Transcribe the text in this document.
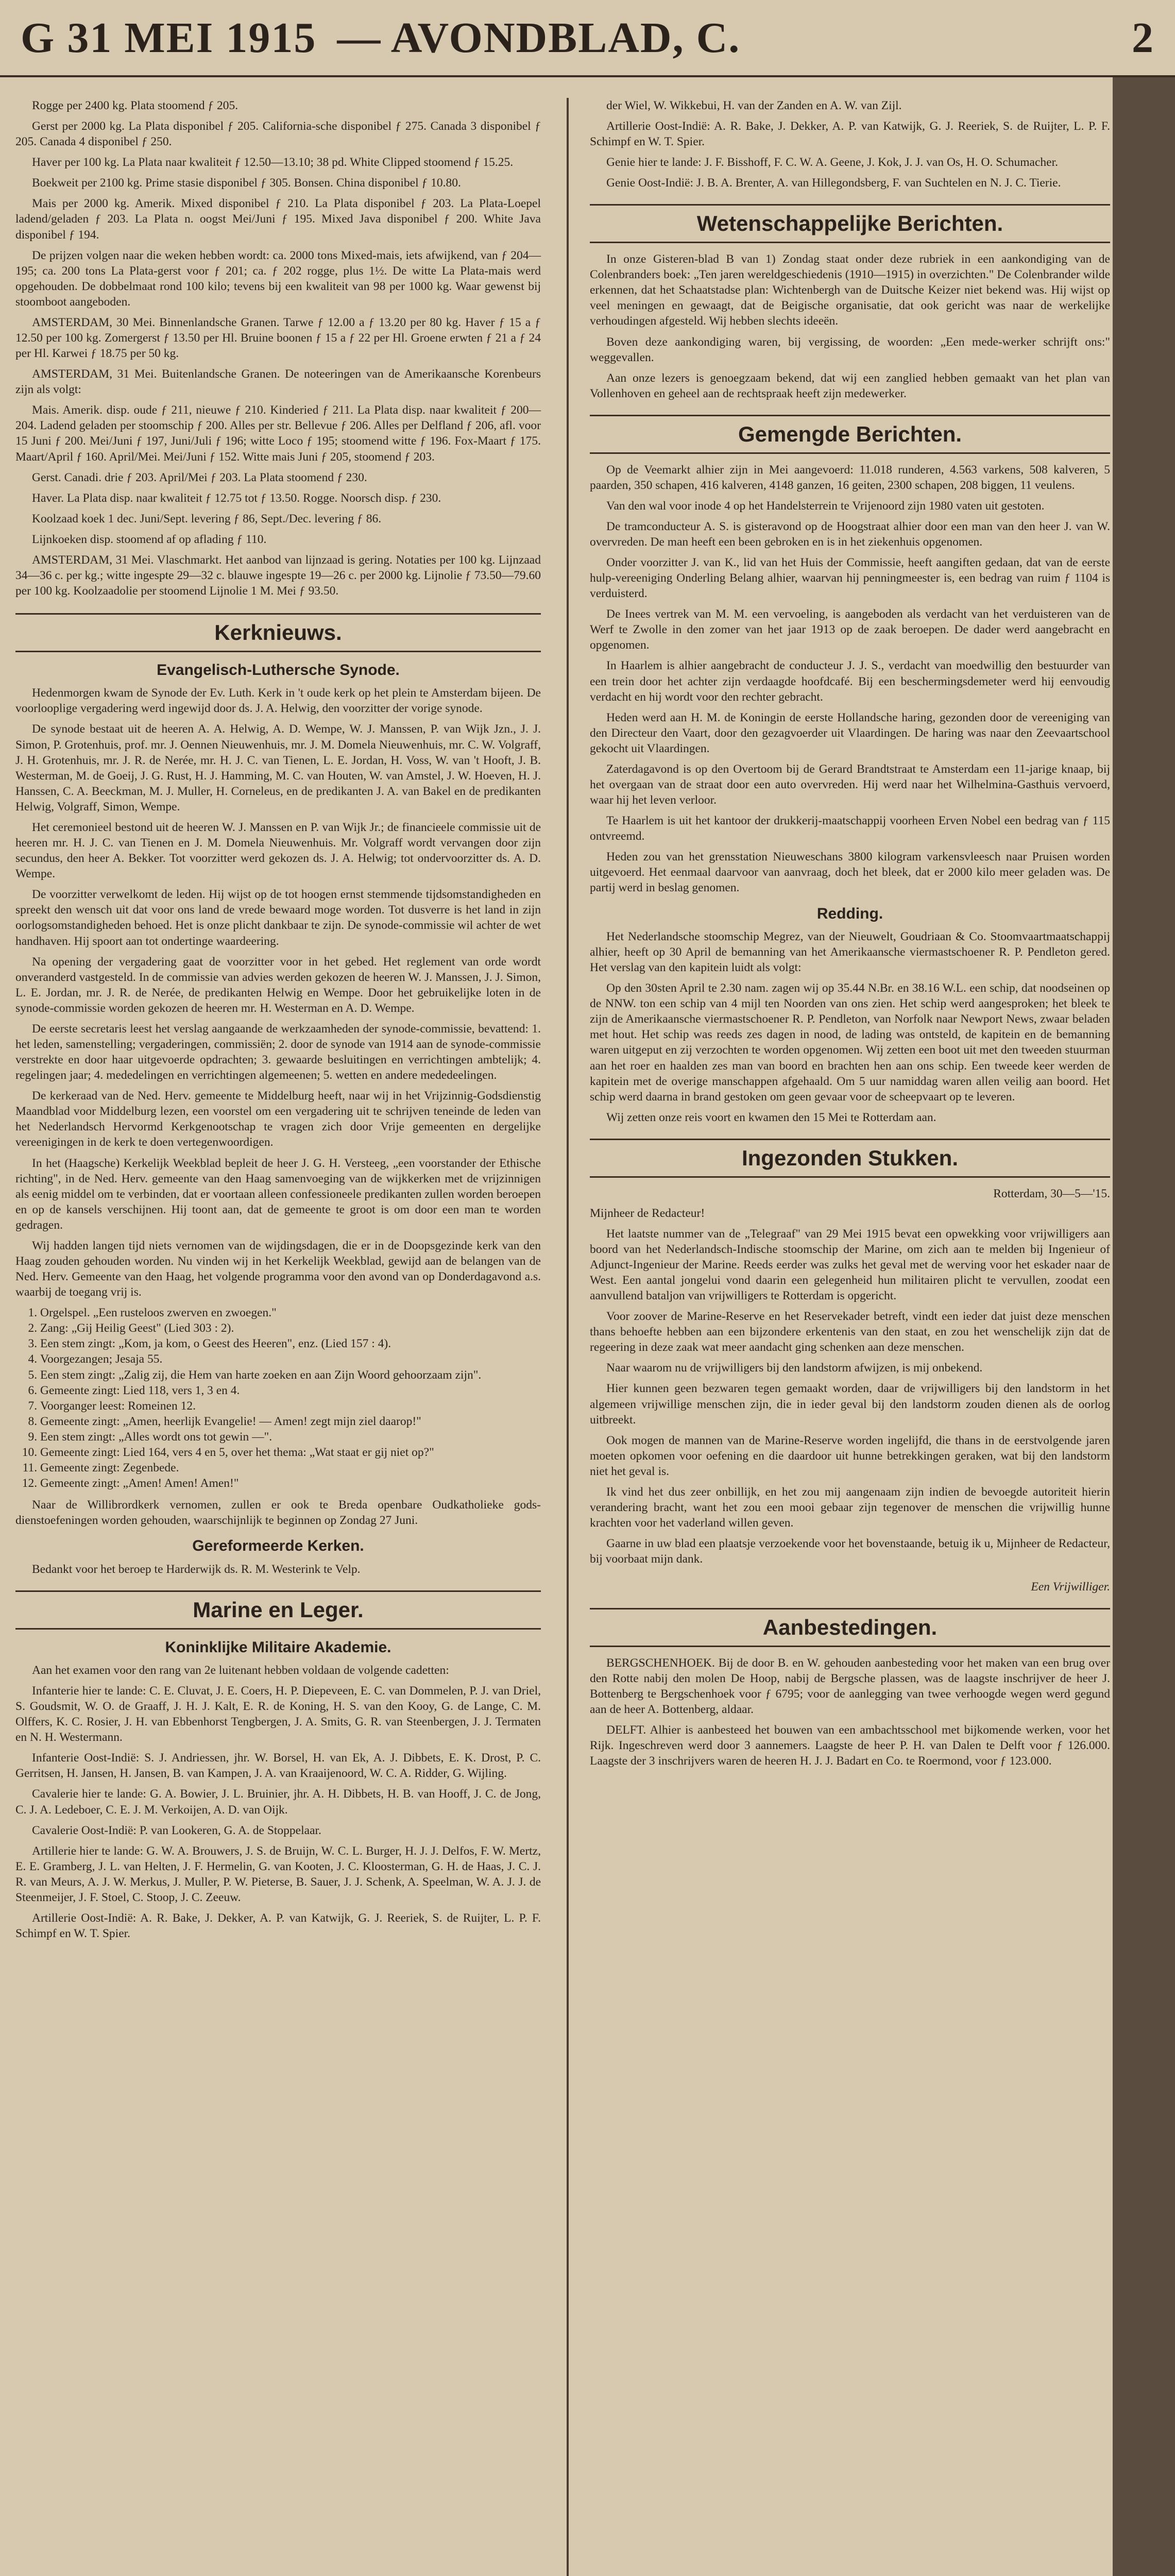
G 31 MEI 1915 — AVONDBLAD, C.	2

Rogge per 2400 kg. Plata stoomend ƒ 205.

Gerst per 2000 kg. La Plata disponibel ƒ 205. California-sche disponibel ƒ 275. Canada 3 disponibel ƒ 205. Canada 4 disponibel ƒ 250.

Haver per 100 kg. La Plata naar kwaliteit ƒ 12.50—13.10; 38 pd. White Clipped stoomend ƒ 15.25.

Boekweit per 2100 kg. Prime stasie disponibel ƒ 305. Bonsen. China disponibel ƒ 10.80.

Mais per 2000 kg. Amerik. Mixed disponibel ƒ 210. La Plata disponibel ƒ 203. La Plata-Loepel ladend/geladen ƒ 203. La Plata n. oogst Mei/Juni ƒ 195. Mixed Java disponibel ƒ 200. White Java disponibel ƒ 194.

De prijzen volgen naar die weken hebben wordt: ca. 2000 tons Mixed-mais, iets afwijkend, van ƒ 204—195; ca. 200 tons La Plata-gerst voor ƒ 201; ca. ƒ 202 rogge, plus 1½. De witte La Plata-mais werd opgehouden. De dobbelmaat rond 100 kilo; tevens bij een kwaliteit van 98 per 1000 kg. Waar gewenst bij stoomboot aangeboden.

AMSTERDAM, 30 Mei. Binnenlandsche Granen. Tarwe ƒ 12.00 a ƒ 13.20 per 80 kg. Haver ƒ 15 a ƒ 12.50 per 100 kg. Zomergerst ƒ 13.50 per Hl. Bruine boonen ƒ 15 a ƒ 22 per Hl. Groene erwten ƒ 21 a ƒ 24 per Hl. Karwei ƒ 18.75 per 50 kg.

AMSTERDAM, 31 Mei. Buitenlandsche Granen. De noteeringen van de Amerikaansche Korenbeurs zijn als volgt:

Mais. Amerik. disp. oude ƒ 211, nieuwe ƒ 210. Kinderied ƒ 211. La Plata disp. naar kwaliteit ƒ 200—204. Ladend geladen per stoomschip ƒ 200. Alles per str. Bellevue ƒ 206. Alles per Delfland ƒ 206, afl. voor 15 Juni ƒ 200. Mei/Juni ƒ 197, Juni/Juli ƒ 196; witte Loco ƒ 195; stoomend witte ƒ 196. Fox-Maart ƒ 175. Maart/April ƒ 160. April/Mei. Mei/Juni ƒ 152. Witte mais Juni ƒ 205, stoomend ƒ 203.

Gerst. Canadi. drie ƒ 203. April/Mei ƒ 203. La Plata stoomend ƒ 230.

Haver. La Plata disp. naar kwaliteit ƒ 12.75 tot ƒ 13.50. Rogge. Noorsch disp. ƒ 230.

Koolzaad koek 1 dec. Juni/Sept. levering ƒ 86, Sept./Dec. levering ƒ 86.

Lijnkoeken disp. stoomend af op aflading ƒ 110.

AMSTERDAM, 31 Mei. Vlaschmarkt. Het aanbod van lijnzaad is gering. Notaties per 100 kg. Lijnzaad 34—36 c. per kg.; witte ingespte 29—32 c. blauwe ingespte 19—26 c. per 2000 kg. Lijnolie ƒ 73.50—79.60 per 100 kg. Koolzaadolie per stoomend Lijnolie 1 M. Mei ƒ 93.50.

Kerknieuws.
Evangelisch-Luthersche Synode.

Hedenmorgen kwam de Synode der Ev. Luth. Kerk in 't oude kerk op het plein te Amsterdam bijeen. De voorlooplige vergadering werd ingewijd door ds. J. A. Helwig, den voorzitter der vorige synode.

De synode bestaat uit de heeren A. A. Helwig, A. D. Wempe, W. J. Manssen, P. van Wijk Jzn., J. J. Simon, P. Grotenhuis, prof. mr. J. Oennen Nieuwenhuis, mr. J. M. Domela Nieuwenhuis, mr. C. W. Volgraff, J. H. Grotenhuis, mr. J. R. de Nerée, mr. H. J. C. van Tienen, L. E. Jordan, H. Voss, W. van 't Hooft, J. B. Westerman, M. de Goeij, J. G. Rust, H. J. Hamming, M. C. van Houten, W. van Amstel, J. W. Hoeven, H. J. Hanssen, C. A. Beeckman, M. J. Muller, H. Corneleus, en de predikanten J. A. van Bakel en de predikanten Helwig, Volgraff, Simon, Wempe.

Het ceremonieel bestond uit de heeren W. J. Manssen en P. van Wijk Jr.; de financieele commissie uit de heeren mr. H. J. C. van Tienen en J. M. Domela Nieuwenhuis. Mr. Volgraff wordt vervangen door zijn secundus, den heer A. Bekker. Tot voorzitter werd gekozen ds. J. A. Helwig; tot ondervoorzitter ds. A. D. Wempe.

De voorzitter verwelkomt de leden. Hij wijst op de tot hoogen ernst stemmende tijdsomstandigheden en spreekt den wensch uit dat voor ons land de vrede bewaard moge worden. Tot dusverre is het land in zijn oorlogsomstandigheden behoed. Het is onze plicht dankbaar te zijn. De synode-commissie wil achter de wet handhaven. Hij spoort aan tot ondertinge waardeering.

Na opening der vergadering gaat de voorzitter voor in het gebed. Het reglement van orde wordt onveranderd vastgesteld. In de commissie van advies werden gekozen de heeren W. J. Manssen, J. J. Simon, L. E. Jordan, mr. J. R. de Nerée, de predikanten Helwig en Wempe. Door het gebruikelijke loten in de synode-commissie worden gekozen de heeren mr. H. Westerman en A. D. Wempe.

De eerste secretaris leest het verslag aangaande de werkzaamheden der synode-commissie, bevattend: 1. het leden, samenstelling; vergaderingen, commissiën; 2. door de synode van 1914 aan de synode-commissie verstrekte en door haar uitgevoerde opdrachten; 3. gewaarde besluitingen en verrichtingen ambtelijk; 4. regelingen jaar; 4. mededelingen en verrichtingen algemeenen; 5. wetten en andere mededeelingen.

De kerkeraad van de Ned. Herv. gemeente te Middelburg heeft, naar wij in het Vrijzinnig-Godsdienstig Maandblad voor Middelburg lezen, een voorstel om een vergadering uit te schrijven teneinde de leden van het Nederlandsch Hervormd Kerkgenootschap te vragen zich door Vrije gemeenten en dergelijke vereenigingen in de kerk te doen vertegenwoordigen.

In het (Haagsche) Kerkelijk Weekblad bepleit de heer J. G. H. Versteeg, „een voorstander der Ethische richting", in de Ned. Herv. gemeente van den Haag samenvoeging van de wijkkerken met de vrijzinnigen als eenig middel om te verbinden, dat er voortaan alleen confessioneele predikanten zullen worden beroepen en op de kansels verschijnen. Hij toont aan, dat de gemeente te groot is om door een man te worden gedragen.

Wij hadden langen tijd niets vernomen van de wijdingsdagen, die er in de Doopsgezinde kerk van den Haag zouden gehouden worden. Nu vinden wij in het Kerkelijk Weekblad, gewijd aan de belangen van de Ned. Herv. Gemeente van den Haag, het volgende programma voor den avond van op Donderdagavond a.s. waarbij de toegang vrij is.

1. Orgelspel. „Een rusteloos zwerven en zwoegen."
2. Zang: „Gij Heilig Geest" (Lied 303 : 2).
3. Een stem zingt: „Kom, ja kom, o Geest des Heeren", enz. (Lied 157 : 4).
4. Voorgezangen; Jesaja 55.
5. Een stem zingt: „Zalig zij, die Hem van harte zoeken en aan Zijn Woord gehoorzaam zijn".
6. Gemeente zingt: Lied 118, vers 1, 3 en 4.
7. Voorganger leest: Romeinen 12.
8. Gemeente zingt: „Amen, heerlijk Evangelie! — Amen! zegt mijn ziel daarop!"
9. Een stem zingt: „Alles wordt ons tot gewin —".
10. Gemeente zingt: Lied 164, vers 4 en 5, over het thema: „Wat staat er gij niet op?"
11. Gemeente zingt: Zegenbede.
12. Gemeente zingt: „Amen! Amen! Amen!"

Naar de Willibrordkerk vernomen, zullen er ook te Breda openbare Oudkatholieke gods-dienstoefeningen worden gehouden, waarschijnlijk te beginnen op Zondag 27 Juni.

Gereformeerde Kerken.

Bedankt voor het beroep te Harderwijk ds. R. M. Westerink te Velp.

Marine en Leger.
Koninklijke Militaire Akademie.

Aan het examen voor den rang van 2e luitenant hebben voldaan de volgende cadetten:

Infanterie hier te lande: C. E. Cluvat, J. E. Coers, H. P. Diepeveen, E. C. van Dommelen, P. J. van Driel, S. Goudsmit, W. O. de Graaff, J. H. J. Kalt, E. R. de Koning, H. S. van den Kooy, G. de Lange, C. M. Olffers, K. C. Rosier, J. H. van Ebbenhorst Tengbergen, J. A. Smits, G. R. van Steenbergen, J. J. Termaten en N. H. Westermann.

Infanterie Oost-Indië: S. J. Andriessen, jhr. W. Borsel, H. van Ek, A. J. Dibbets, E. K. Drost, P. C. Gerritsen, H. Jansen, H. Jansen, B. van Kampen, J. A. van Kraaijenoord, W. C. A. Ridder, G. Wijling.

Cavalerie hier te lande: G. A. Bowier, J. L. Bruinier, jhr. A. H. Dibbets, H. B. van Hooff, J. C. de Jong, C. J. A. Ledeboer, C. E. J. M. Verkoijen, A. D. van Oijk.

Cavalerie Oost-Indië: P. van Lookeren, G. A. de Stoppelaar.

Artillerie hier te lande: G. W. A. Brouwers, J. S. de Bruijn, W. C. L. Burger, H. J. J. Delfos, F. W. Mertz, E. E. Gramberg, J. L. van Helten, J. F. Hermelin, G. van Kooten, J. C. Kloosterman, G. H. de Haas, J. C. J. R. van Meurs, A. J. W. Merkus, J. Muller, P. W. Pieterse, B. Sauer, J. J. Schenk, A. Speelman, W. A. J. J. de Steenmeijer, J. F. Stoel, C. Stoop, J. C. Zeeuw.

Artillerie Oost-Indië: A. R. Bake, J. Dekker, A. P. van Katwijk, G. J. Reeriek, S. de Ruijter, L. P. F. Schimpf en W. T. Spier.

der Wiel, W. Wikkebui, H. van der Zanden en A. W. van Zijl.

Artillerie Oost-Indië: A. R. Bake, J. Dekker, A. P. van Katwijk, G. J. Reeriek, S. de Ruijter, L. P. F. Schimpf en W. T. Spier.

Genie hier te lande: J. F. Bisshoff, F. C. W. A. Geene, J. Kok, J. J. van Os, H. O. Schumacher.

Genie Oost-Indië: J. B. A. Brenter, A. van Hillegondsberg, F. van Suchtelen en N. J. C. Tierie.

Wetenschappelijke Berichten.

In onze Gisteren-blad B van 1) Zondag staat onder deze rubriek in een aankondiging van de Colenbranders boek: „Ten jaren wereldgeschiedenis (1910—1915) in overzichten." De Colenbrander wilde erkennen, dat het Schaatstadse plan: Wichtenbergh van de Duitsche Keizer niet bekend was. Hij wijst op veel meningen en gewaagt, dat de Beigische organisatie, dat ook gericht was naar de werkelijke verhoudingen afgesteld. Wij hebben slechts ideeën.

Boven deze aankondiging waren, bij vergissing, de woorden: „Een mede-werker schrijft ons:" weggevallen.

Aan onze lezers is genoegzaam bekend, dat wij een zanglied hebben gemaakt van het plan van Vollenhoven en geheel aan de rechtspraak heeft zijn medewerker.

Gemengde Berichten.

Op de Veemarkt alhier zijn in Mei aangevoerd: 11.018 runderen, 4.563 varkens, 508 kalveren, 5 paarden, 350 schapen, 416 kalveren, 4148 ganzen, 16 geiten, 2300 schapen, 208 biggen, 11 veulens.

Van den wal voor inode 4 op het Handelsterrein te Vrijenoord zijn 1980 vaten uit gestoten.

De tramconducteur A. S. is gisteravond op de Hoogstraat alhier door een man van den heer J. van W. overvreden. De man heeft een been gebroken en is in het ziekenhuis opgenomen.

Onder voorzitter J. van K., lid van het Huis der Commissie, heeft aangiften gedaan, dat van de eerste hulp-vereeniging Onderling Belang alhier, waarvan hij penningmeester is, een bedrag van ruim ƒ 1104 is verduisterd.

De Inees vertrek van M. M. een vervoeling, is aangeboden als verdacht van het verduisteren van de Werf te Zwolle in den zomer van het jaar 1913 op de zaak beroepen. De dader werd aangebracht en opgenomen.

In Haarlem is alhier aangebracht de conducteur J. J. S., verdacht van moedwillig den bestuurder van een trein door het achter zijn verdaagde hoofdcafé. Bij een beschermingsdemeter werd hij eenvoudig verdacht en hij wordt voor den rechter gebracht.

Heden werd aan H. M. de Koningin de eerste Hollandsche haring, gezonden door de vereeniging van den Directeur den Vaart, door den gezagvoerder uit Vlaardingen. De haring was naar den Zeevaartschool gekocht uit Vlaardingen.

Zaterdagavond is op den Overtoom bij de Gerard Brandtstraat te Amsterdam een 11-jarige knaap, bij het overgaan van de straat door een auto overvreden. Hij werd naar het Wilhelmina-Gasthuis vervoerd, waar hij het leven verloor.

Te Haarlem is uit het kantoor der drukkerij-maatschappij voorheen Erven Nobel een bedrag van ƒ 115 ontvreemd.

Heden zou van het grensstation Nieuweschans 3800 kilogram varkensvleesch naar Pruisen worden uitgevoerd. Het eenmaal daarvoor van aanvraag, doch het bleek, dat er 2000 kilo meer geladen was. De partij werd in beslag genomen.

Redding.

Het Nederlandsche stoomschip Megrez, van der Nieuwelt, Goudriaan & Co. Stoomvaartmaatschappij alhier, heeft op 30 April de bemanning van het Amerikaansche viermastschoener R. P. Pendleton gered. Het verslag van den kapitein luidt als volgt:

Op den 30sten April te 2.30 nam. zagen wij op 35.44 N.Br. en 38.16 W.L. een schip, dat noodseinen op de NNW. ton een schip van 4 mijl ten Noorden van ons zien. Het schip werd aangesproken; het bleek te zijn de Amerikaansche viermastschoener R. P. Pendleton, van Norfolk naar Newport News, zwaar beladen met hout. Het schip was reeds zes dagen in nood, de lading was ontsteld, de kapitein en de bemanning waren uitgeput en zij verzochten te worden opgenomen. Wij zetten een boot uit met den tweeden stuurman aan het roer en haalden zes man van boord en brachten hen aan ons schip. Een tweede keer werden de kapitein met de overige manschappen afgehaald. Om 5 uur namiddag waren allen veilig aan boord. Het schip werd daarna in brand gestoken om geen gevaar voor de scheepvaart op te leveren.

Wij zetten onze reis voort en kwamen den 15 Mei te Rotterdam aan.

Ingezonden Stukken.

Rotterdam, 30—5—'15.

Mijnheer de Redacteur!

Het laatste nummer van de „Telegraaf" van 29 Mei 1915 bevat een opwekking voor vrijwilligers aan boord van het Nederlandsch-Indische stoomschip der Marine, om zich aan te melden bij Ingenieur of Adjunct-Ingenieur der Marine. Reeds eerder was zulks het geval met de werving voor het eskader naar de West. Een aantal jongelui vond daarin een gelegenheid hun militairen plicht te vervullen, zoodat een aanvullend bataljon van vrijwilligers te Rotterdam is opgericht.

Voor zoover de Marine-Reserve en het Reservekader betreft, vindt een ieder dat juist deze menschen thans behoefte hebben aan een bijzondere erkentenis van den staat, en zou het wenschelijk zijn dat de regeering in deze zaak wat meer aandacht ging schenken aan deze menschen.

Naar waarom nu de vrijwilligers bij den landstorm afwijzen, is mij onbekend.

Hier kunnen geen bezwaren tegen gemaakt worden, daar de vrijwilligers bij den landstorm in het algemeen vrijwillige menschen zijn, die in ieder geval bij den landstorm zouden dienen als de oorlog uitbreekt.

Ook mogen de mannen van de Marine-Reserve worden ingelijfd, die thans in de eerstvolgende jaren moeten opkomen voor oefening en die daardoor uit hunne betrekkingen geraken, wat bij den landstorm niet het geval is.

Ik vind het dus zeer onbillijk, en het zou mij aangenaam zijn indien de bevoegde autoriteit hierin verandering bracht, want het zou een mooi gebaar zijn tegenover de menschen die vrijwillig hunne krachten voor het vaderland willen geven.

Gaarne in uw blad een plaatsje verzoekende voor het bovenstaande, betuig ik u, Mijnheer de Redacteur, bij voorbaat mijn dank.

Een Vrijwilliger.

Aanbestedingen.

BERGSCHENHOEK. Bij de door B. en W. gehouden aanbesteding voor het maken van een brug over den Rotte nabij den molen De Hoop, nabij de Bergsche plassen, was de laagste inschrijver de heer J. Bottenberg te Bergschenhoek voor ƒ 6795; voor de aanlegging van twee verhoogde wegen werd gegund aan de heer A. Bottenberg, aldaar.

DELFT. Alhier is aanbesteed het bouwen van een ambachtsschool met bijkomende werken, voor het Rijk. Ingeschreven werd door 3 aannemers. Laagste de heer P. H. van Dalen te Delft voor ƒ 126.000. Laagste der 3 inschrijvers waren de heeren H. J. J. Badart en Co. te Roermond, voor ƒ 123.000.
